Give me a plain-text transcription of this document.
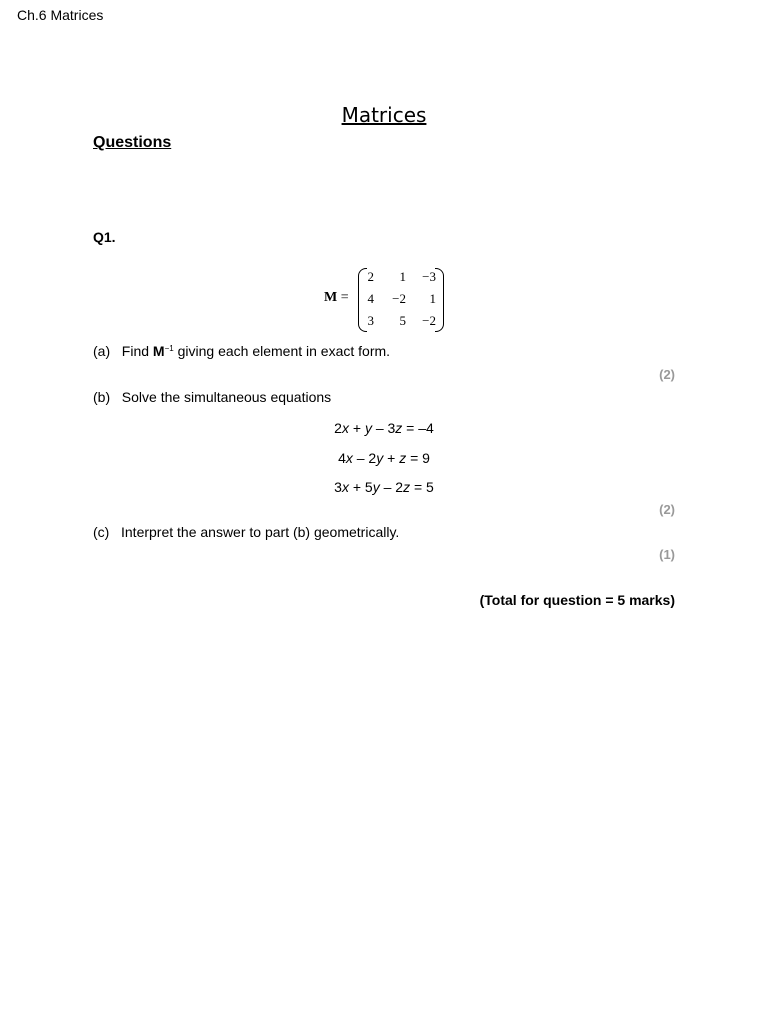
Ch.6 Matrices
Matrices
Questions
Q1.
M =
2	1	−3
4	−2	1
3	5	−2
(a) Find $M^{-1}$ giving each element in exact form.
(2)
(b) Solve the simultaneous equations
2x + y – 3z = –4
4x – 2y + z = 9
3x + 5y – 2z = 5
(2)
(c) Interpret the answer to part (b) geometrically.
(1)
(Total for question = 5 marks)
